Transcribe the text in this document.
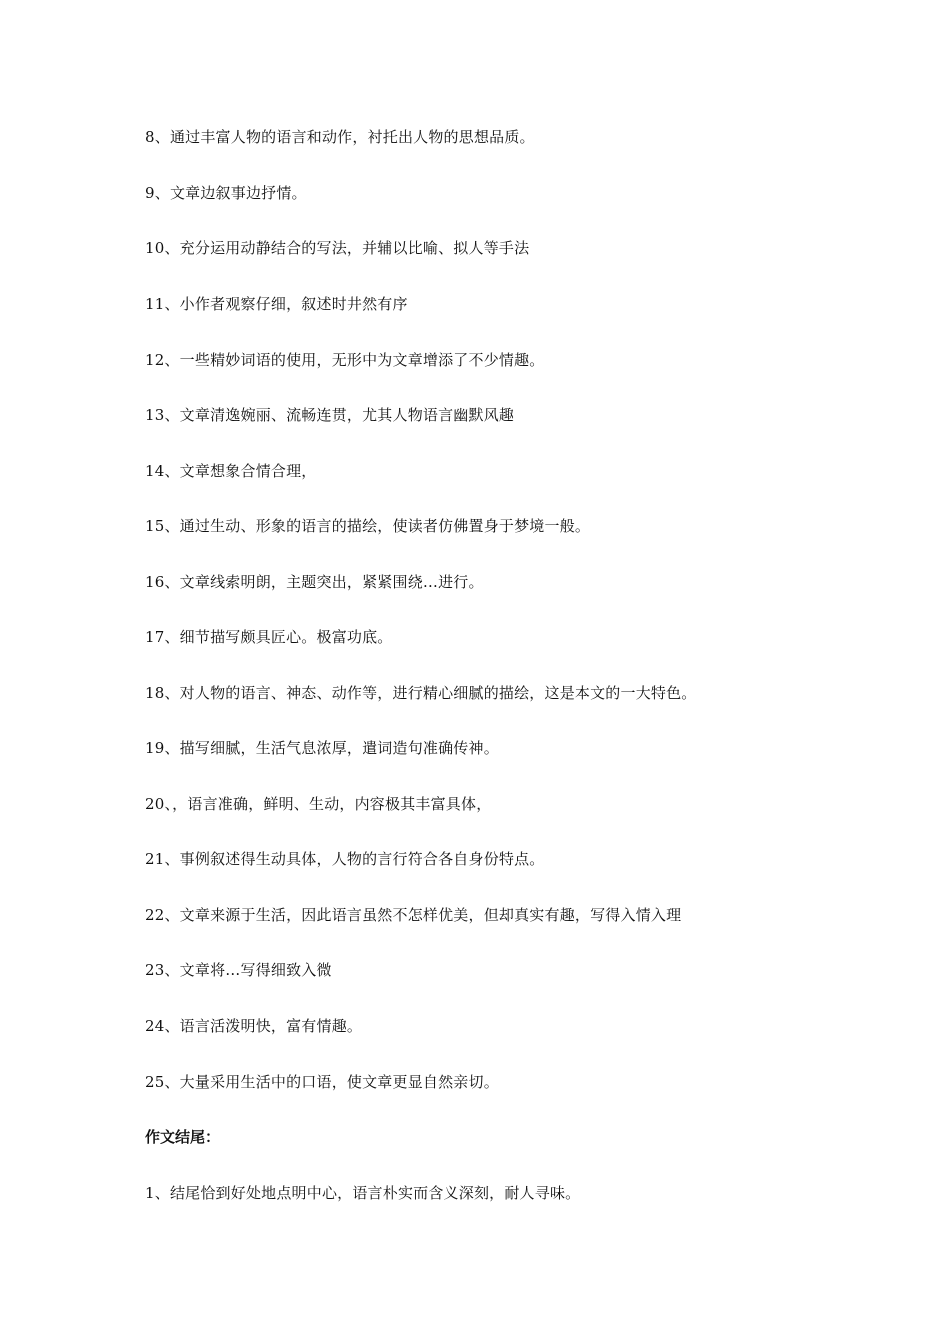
8、通过丰富人物的语言和动作，衬托出人物的思想品质。
9、文章边叙事边抒情。
10、充分运用动静结合的写法，并辅以比喻、拟人等手法
11、小作者观察仔细，叙述时井然有序
12、一些精妙词语的使用，无形中为文章增添了不少情趣。
13、文章清逸婉丽、流畅连贯，尤其人物语言幽默风趣
14、文章想象合情合理，
15、通过生动、形象的语言的描绘，使读者仿佛置身于梦境一般。
16、文章线索明朗，主题突出，紧紧围绕…进行。
17、细节描写颇具匠心。极富功底。
18、对人物的语言、神态、动作等，进行精心细腻的描绘，这是本文的一大特色。
19、描写细腻，生活气息浓厚，遣词造句准确传神。
20、，语言准确，鲜明、生动，内容极其丰富具体，
21、事例叙述得生动具体，人物的言行符合各自身份特点。
22、文章来源于生活，因此语言虽然不怎样优美，但却真实有趣，写得入情入理
23、文章将…写得细致入微
24、语言活泼明快，富有情趣。
25、大量采用生活中的口语，使文章更显自然亲切。
作文结尾：
1、结尾恰到好处地点明中心，语言朴实而含义深刻，耐人寻味。
